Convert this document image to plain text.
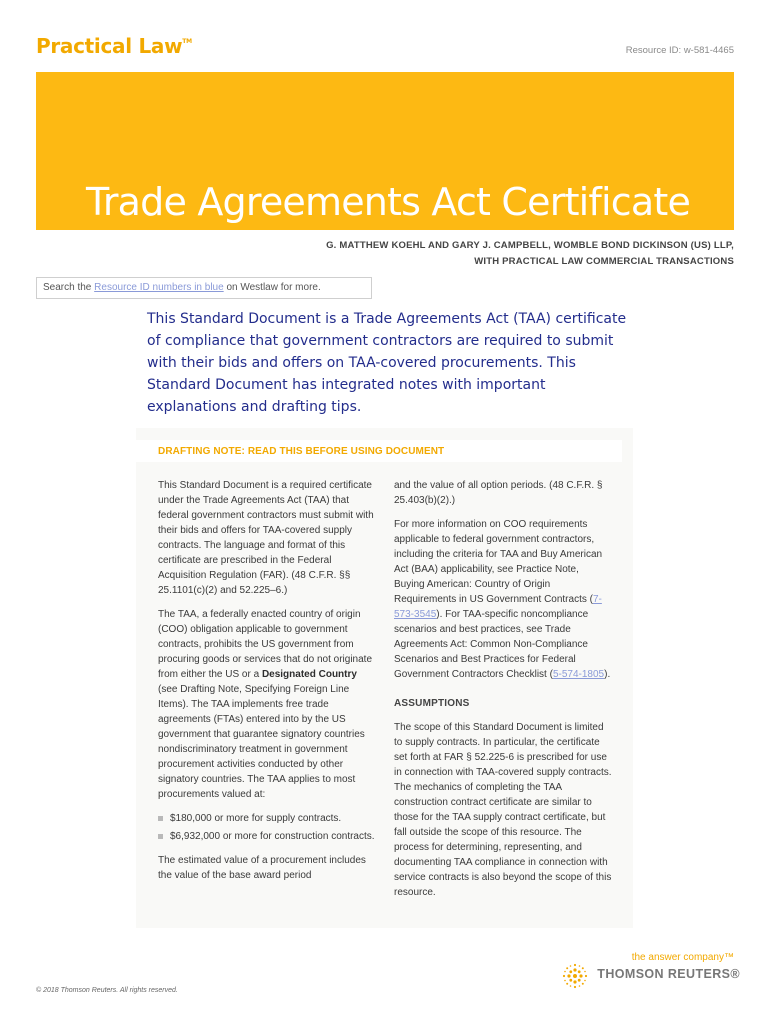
Practical Law™
Resource ID: w-581-4465
Trade Agreements Act Certificate
G. MATTHEW KOEHL AND GARY J. CAMPBELL, WOMBLE BOND DICKINSON (US) LLP,
WITH PRACTICAL LAW COMMERCIAL TRANSACTIONS
Search the Resource ID numbers in blue on Westlaw for more.
This Standard Document is a Trade Agreements Act (TAA) certificate of compliance that government contractors are required to submit with their bids and offers on TAA-covered procurements. This Standard Document has integrated notes with important explanations and drafting tips.
DRAFTING NOTE: READ THIS BEFORE USING DOCUMENT

This Standard Document is a required certificate under the Trade Agreements Act (TAA) that federal government contractors must submit with their bids and offers for TAA-covered supply contracts. The language and format of this certificate are prescribed in the Federal Acquisition Regulation (FAR). (48 C.F.R. §§ 25.1101(c)(2) and 52.225–6.)

The TAA, a federally enacted country of origin (COO) obligation applicable to government contracts, prohibits the US government from procuring goods or services that do not originate from either the US or a Designated Country (see Drafting Note, Specifying Foreign Line Items). The TAA implements free trade agreements (FTAs) entered into by the US government that guarantee signatory countries nondiscriminatory treatment in government procurement activities conducted by other signatory countries. The TAA applies to most procurements valued at:

$180,000 or more for supply contracts.
$6,932,000 or more for construction contracts.

The estimated value of a procurement includes the value of the base award period

and the value of all option periods. (48 C.F.R. § 25.403(b)(2).)

For more information on COO requirements applicable to federal government contractors, including the criteria for TAA and Buy American Act (BAA) applicability, see Practice Note, Buying American: Country of Origin Requirements in US Government Contracts (7-573-3545). For TAA-specific noncompliance scenarios and best practices, see Trade Agreements Act: Common Non-Compliance Scenarios and Best Practices for Federal Government Contractors Checklist (5-574-1805).

ASSUMPTIONS

The scope of this Standard Document is limited to supply contracts. In particular, the certificate set forth at FAR § 52.225-6 is prescribed for use in connection with TAA-covered supply contracts. The mechanics of completing the TAA construction contract certificate are similar to those for the TAA supply contract certificate, but fall outside the scope of this resource. The process for determining, representing, and documenting TAA compliance in connection with service contracts is also beyond the scope of this resource.

the answer company™
THOMSON REUTERS®
© 2018 Thomson Reuters. All rights reserved.
